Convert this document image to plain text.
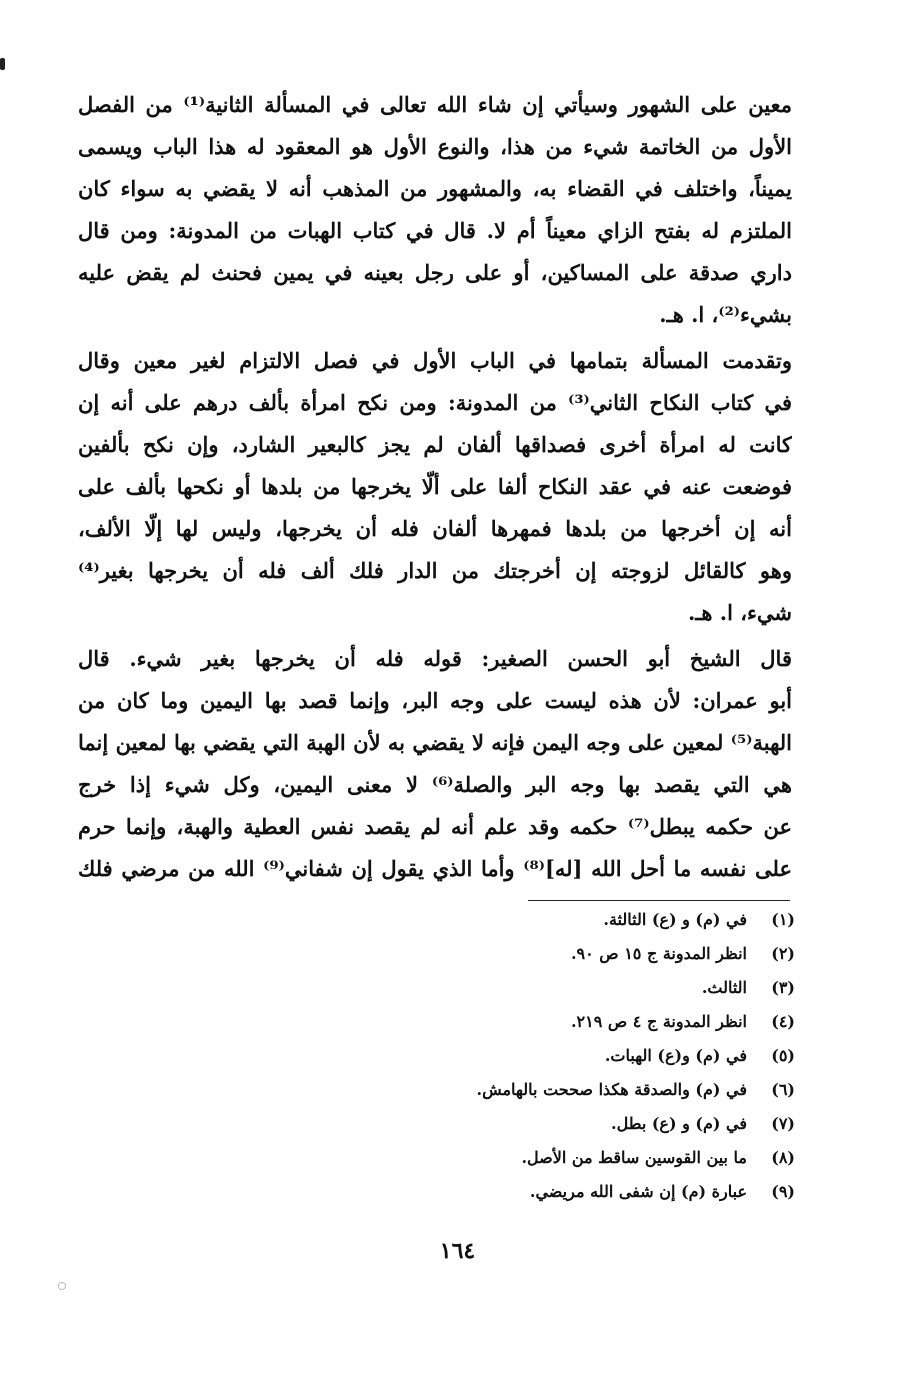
معين على الشهور وسيأتي إن شاء الله تعالى في المسألة الثانية⁽¹⁾ من الفصل
الأول من الخاتمة شيء من هذا، والنوع الأول هو المعقود له هذا الباب ويسمى
يميناً، واختلف في القضاء به، والمشهور من المذهب أنه لا يقضي به سواء كان
الملتزم له بفتح الزاي معيناً أم لا. قال في كتاب الهبات من المدونة: ومن قال
داري صدقة على المساكين، أو على رجل بعينه في يمين فحنث لم يقض عليه
بشيء⁽²⁾، ا. هـ.

وتقدمت المسألة بتمامها في الباب الأول في فصل الالتزام لغير معين وقال
في كتاب النكاح الثاني⁽³⁾ من المدونة: ومن نكح امرأة بألف درهم على أنه إن
كانت له امرأة أخرى فصداقها ألفان لم يجز كالبعير الشارد، وإن نكح بألفين
فوضعت عنه في عقد النكاح ألفا على ألّا يخرجها من بلدها أو نكحها بألف على
أنه إن أخرجها من بلدها فمهرها ألفان فله أن يخرجها، وليس لها إلّا الألف،
وهو كالقائل لزوجته إن أخرجتك من الدار فلك ألف فله أن يخرجها بغير⁽⁴⁾
شيء، ا. هـ.

قال الشيخ أبو الحسن الصغير: قوله فله أن يخرجها بغير شيء. قال
أبو عمران: لأن هذه ليست على وجه البر، وإنما قصد بها اليمين وما كان من
الهبة⁽⁵⁾ لمعين على وجه اليمن فإنه لا يقضي به لأن الهبة التي يقضي بها لمعين إنما
هي التي يقصد بها وجه البر والصلة⁽⁶⁾ لا معنى اليمين، وكل شيء إذا خرج
عن حكمه يبطل⁽⁷⁾ حكمه وقد علم أنه لم يقصد نفس العطية والهبة، وإنما حرم
على نفسه ما أحل الله [له]⁽⁸⁾ وأما الذي يقول إن شفاني⁽⁹⁾ الله من مرضي فلك

(١)
في (م) و (ع) الثالثة.
(٢)
انظر المدونة ج ١٥ ص ٩٠.
(٣)
الثالث.
(٤)
انظر المدونة ج ٤ ص ٢١٩.
(٥)
في (م) و(ع) الهبات.
(٦)
في (م) والصدقة هكذا صححت بالهامش.
(٧)
في (م) و (ع) بطل.
(٨)
ما بين القوسين ساقط من الأصل.
(٩)
عبارة (م) إن شفى الله مريضي.
١٦٤
